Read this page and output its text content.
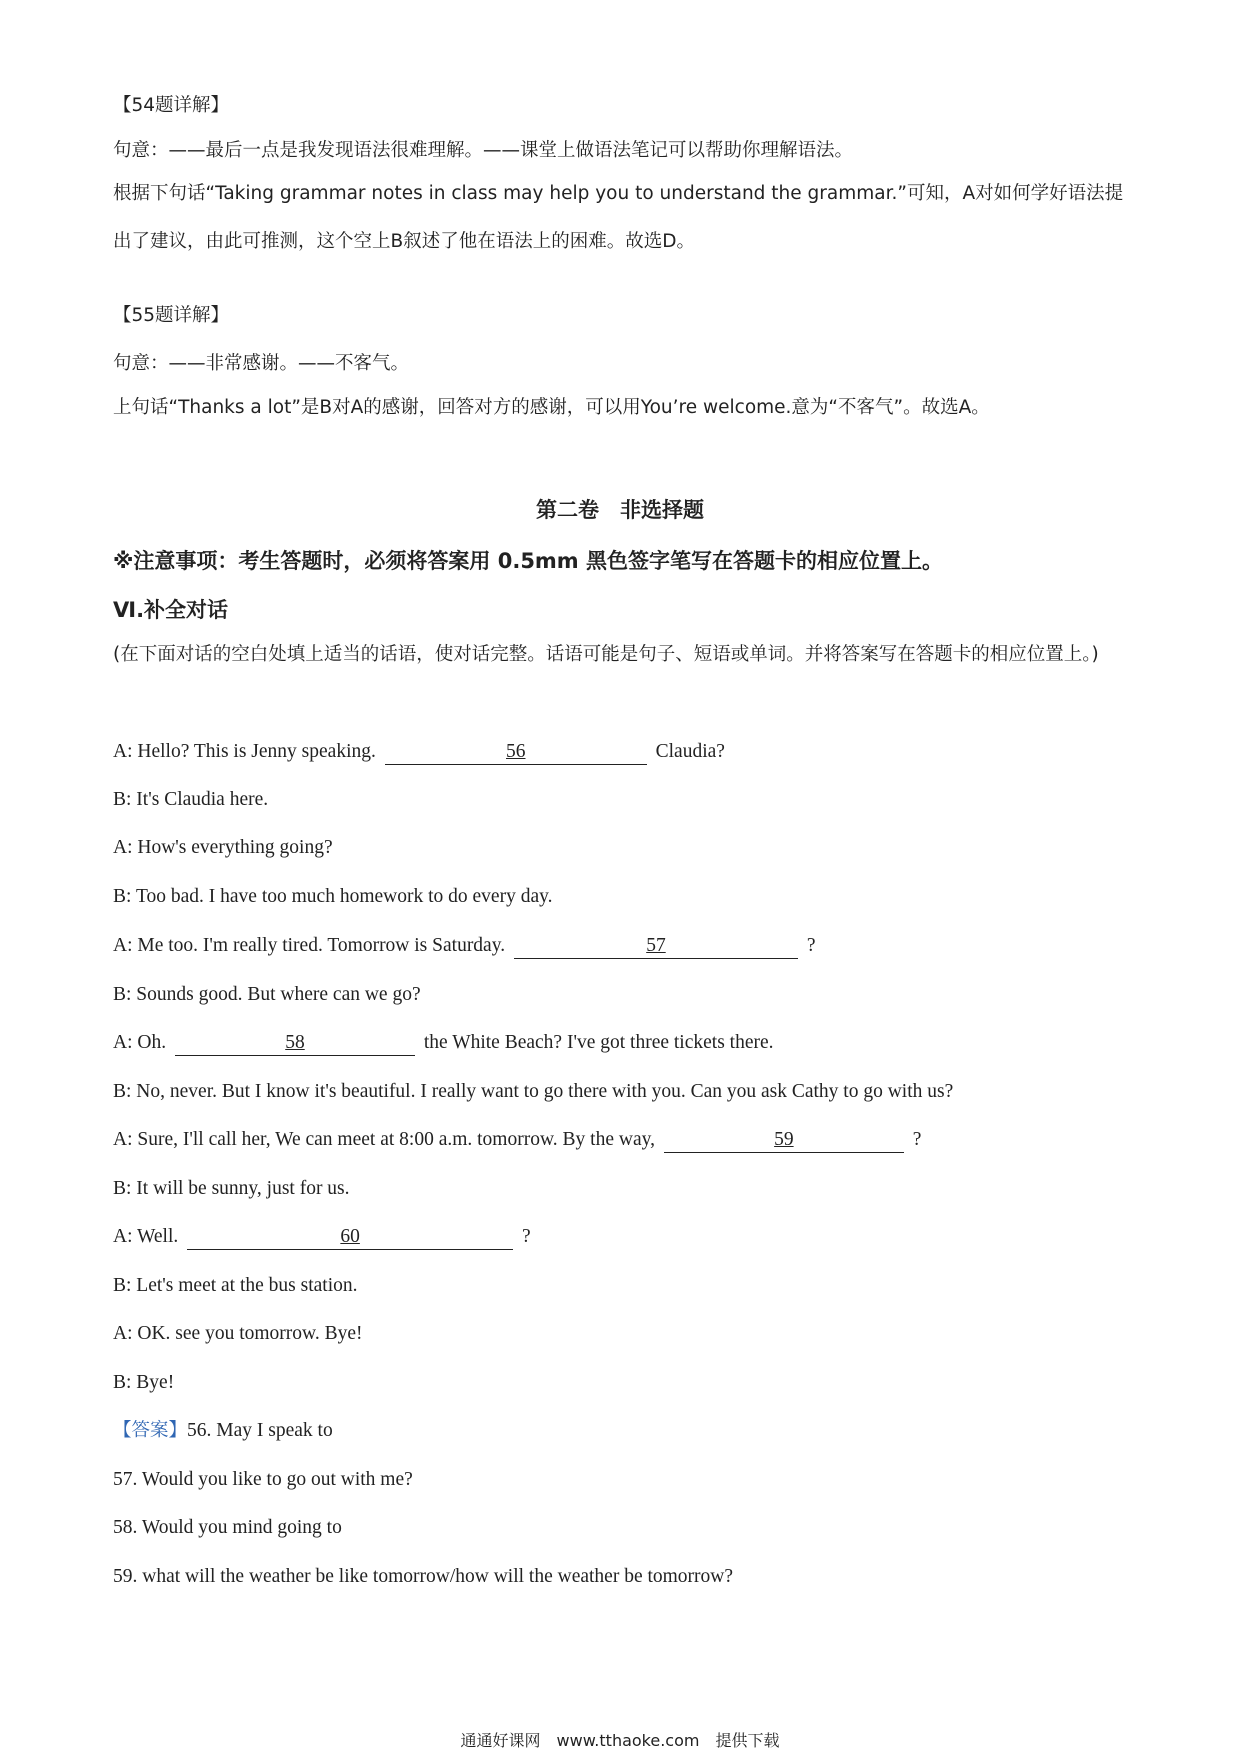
【54题详解】

句意：——最后一点是我发现语法很难理解。——课堂上做语法笔记可以帮助你理解语法。

根据下句话“Taking grammar notes in class may help you to understand the grammar.”可知，A对如何学好语法提出了建议，由此可推测，这个空上B叙述了他在语法上的困难。故选D。

【55题详解】

句意：——非常感谢。——不客气。

上句话“Thanks a lot”是B对A的感谢，回答对方的感谢，可以用You’re welcome.意为“不客气”。故选A。

第二卷　非选择题

※注意事项：考生答题时，必须将答案用 0.5mm 黑色签字笔写在答题卡的相应位置上。

Ⅵ.补全对话

(在下面对话的空白处填上适当的话语，使对话完整。话语可能是句子、短语或单词。并将答案写在答题卡的相应位置上。)

A: Hello? This is Jenny speaking.	56	Claudia?

B: It's Claudia here.

A: How's everything going?

B: Too bad. I have too much homework to do every day.

A: Me too. I'm really tired. Tomorrow is Saturday.	57	?

B: Sounds good. But where can we go?

A: Oh.	58	the White Beach? I've got three tickets there.

B: No, never. But I know it's beautiful. I really want to go there with you. Can you ask Cathy to go with us?

A: Sure, I'll call her, We can meet at 8:00 a.m. tomorrow. By the way,	59	?

B: It will be sunny, just for us.

A: Well.	60	?

B: Let's meet at the bus station.

A: OK. see you tomorrow. Bye!

B: Bye!

【答案】56. May I speak to

57. Would you like to go out with me?

58. Would you mind going to

59. what will the weather be like tomorrow/how will the weather be tomorrow?

通通好课网　www.tthaoke.com　提供下载
